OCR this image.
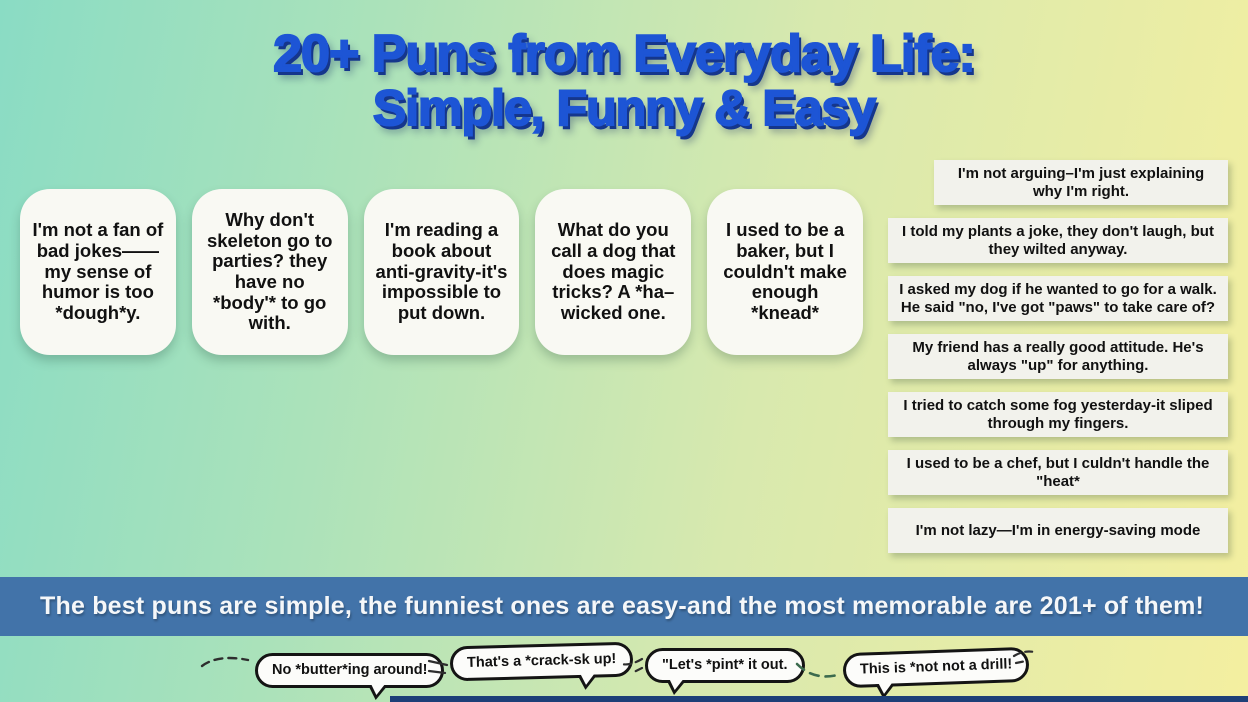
20+ Puns from Everyday Life:
Simple, Funny & Easy
I'm not a fan of bad jokes——my sense of humor is too *dough*y.
Why don't skeleton go to parties? they have no *body'* to go with.
I'm reading a book about anti-gravity-it's impossible to put down.
What do you call a dog that does magic tricks? A *ha–wicked one.
I used to be a baker, but I couldn't make enough *knead*
I'm not arguing–I'm just explaining why I'm right.
I told my plants a joke, they don't laugh, but they wilted anyway.
I asked my dog if he wanted to go for a walk. He said "no, I've got "paws" to take care of?
My friend has a really good attitude. He's always "up" for anything.
I tried to catch some fog yesterday-it sliped through my fingers.
I used to be a chef, but I culdn't handle the "heat*
I'm not lazy—I'm in energy-saving mode
The best puns are simple, the funniest ones are easy-and the most memorable are 201+ of them!
No *butter*ing around!	That's a *crack-sk up!	"Let's *pint* it out.	This is *not not a drill!
